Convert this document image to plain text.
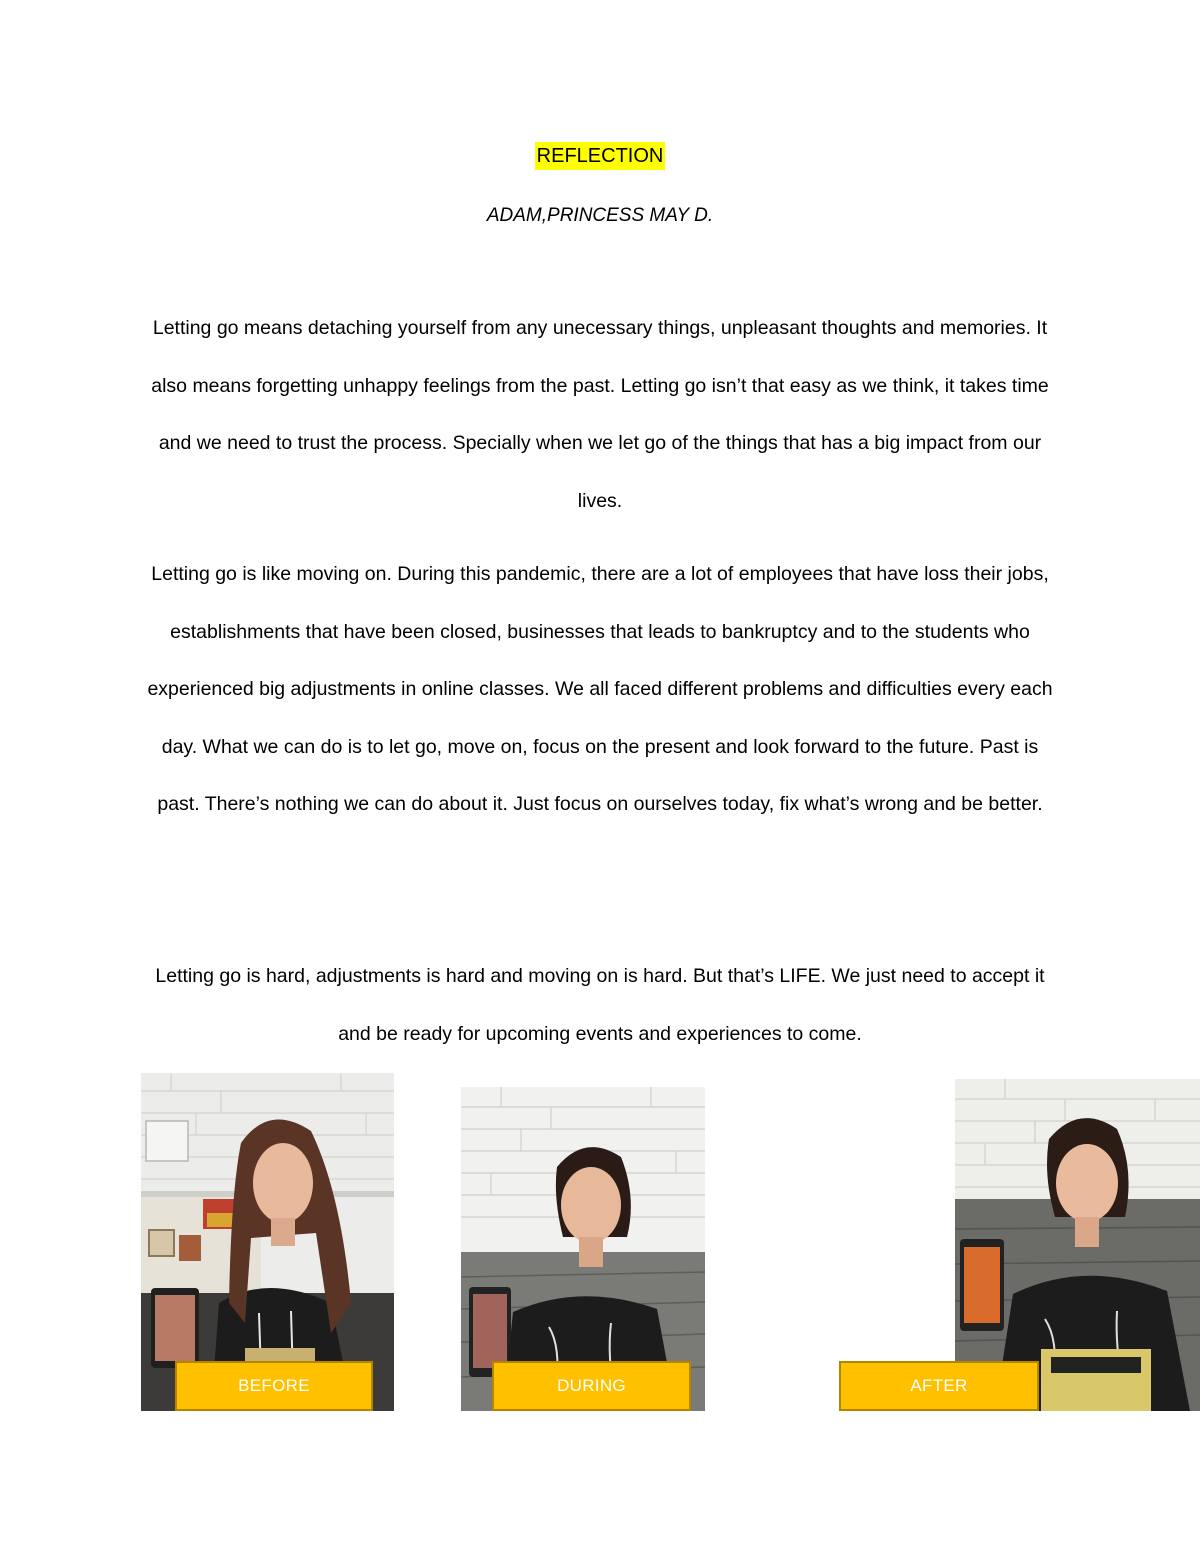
REFLECTION
ADAM,PRINCESS MAY D.

Letting go means detaching yourself from any unecessary things, unpleasant thoughts and memories. It also means forgetting unhappy feelings from the past. Letting go isn’t that easy as we think, it takes time and we need to trust the process. Specially when we let go of the things that has a big impact from our lives.

Letting go is like moving on. During this pandemic, there are a lot of employees that have loss their jobs, establishments that have been closed, businesses that leads to bankruptcy and to the students who experienced big adjustments in online classes. We all faced different problems and difficulties every each day. What we can do is to let go, move on, focus on the present and look forward to the future. Past is past. There’s nothing we can do about it. Just focus on ourselves today, fix what’s wrong and be better.

Letting go is hard, adjustments is hard and moving on is hard. But that’s LIFE. We just need to accept it and be ready for upcoming events and experiences to come.

BEFORE	DURING	AFTER
